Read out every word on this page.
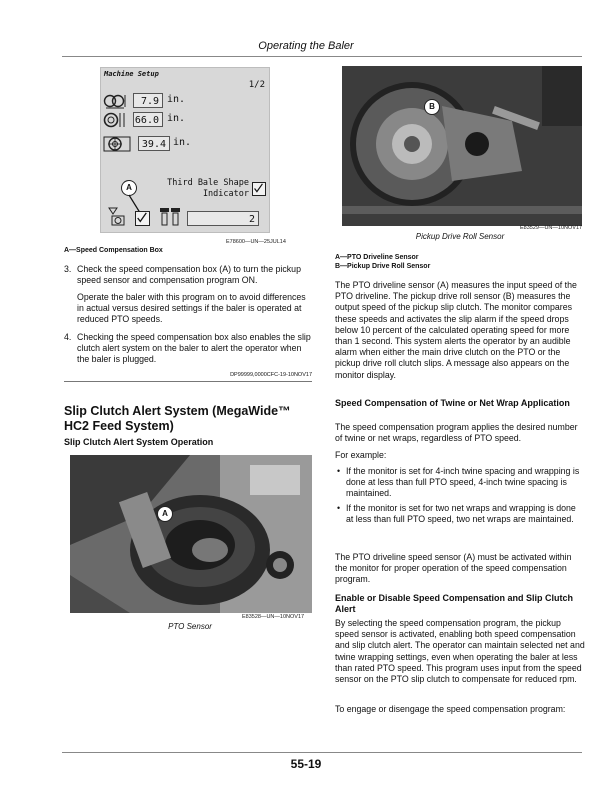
Operating the Baler
Machine Setup
1/2
7.9 in.
66.0 in.
39.4 in.
Third Bale Shape
Indicator
A
2
E78600—UN—25JUL14
A—Speed Compensation Box
3. Check the speed compensation box (A) to turn the pickup speed sensor and compensation program ON.
Operate the baler with this program on to avoid differences in actual versus desired settings if the baler is operated at reduced PTO speeds.
4. Checking the speed compensation box also enables the slip clutch alert system on the baler to alert the operator when the baler is plugged.
DP99999,0000CFC-19-10NOV17
Slip Clutch Alert System (MegaWide™ HC2 Feed System)
Slip Clutch Alert System Operation
A
E83528—UN—10NOV17
PTO Sensor
B
E83529—UN—10NOV17
Pickup Drive Roll Sensor
A—PTO Driveline Sensor
B—Pickup Drive Roll Sensor
The PTO driveline sensor (A) measures the input speed of the PTO driveline. The pickup drive roll sensor (B) measures the output speed of the pickup slip clutch. The monitor compares these speeds and activates the slip alarm if the speed drops below 10 percent of the calculated operating speed for more than 1 second. This system alerts the operator by an audible alarm when either the main drive clutch on the PTO or the pickup drive roll clutch slips. A message also appears on the monitor display.
Speed Compensation of Twine or Net Wrap Application
The speed compensation program applies the desired number of twine or net wraps, regardless of PTO speed.
For example:
• If the monitor is set for 4-inch twine spacing and wrapping is done at less than full PTO speed, 4-inch twine spacing is maintained.
• If the monitor is set for two net wraps and wrapping is done at less than full PTO speed, two net wraps are maintained.
The PTO driveline speed sensor (A) must be activated within the monitor for proper operation of the speed compensation program.
Enable or Disable Speed Compensation and Slip Clutch Alert
By selecting the speed compensation program, the pickup speed sensor is activated, enabling both speed compensation and slip clutch alert. The operator can maintain selected net and twine wrapping settings, even when operating the baler at less than rated PTO speed. This program uses input from the speed sensor on the PTO slip clutch to compensate for reduced rpm.
To engage or disengage the speed compensation program:
55-19
